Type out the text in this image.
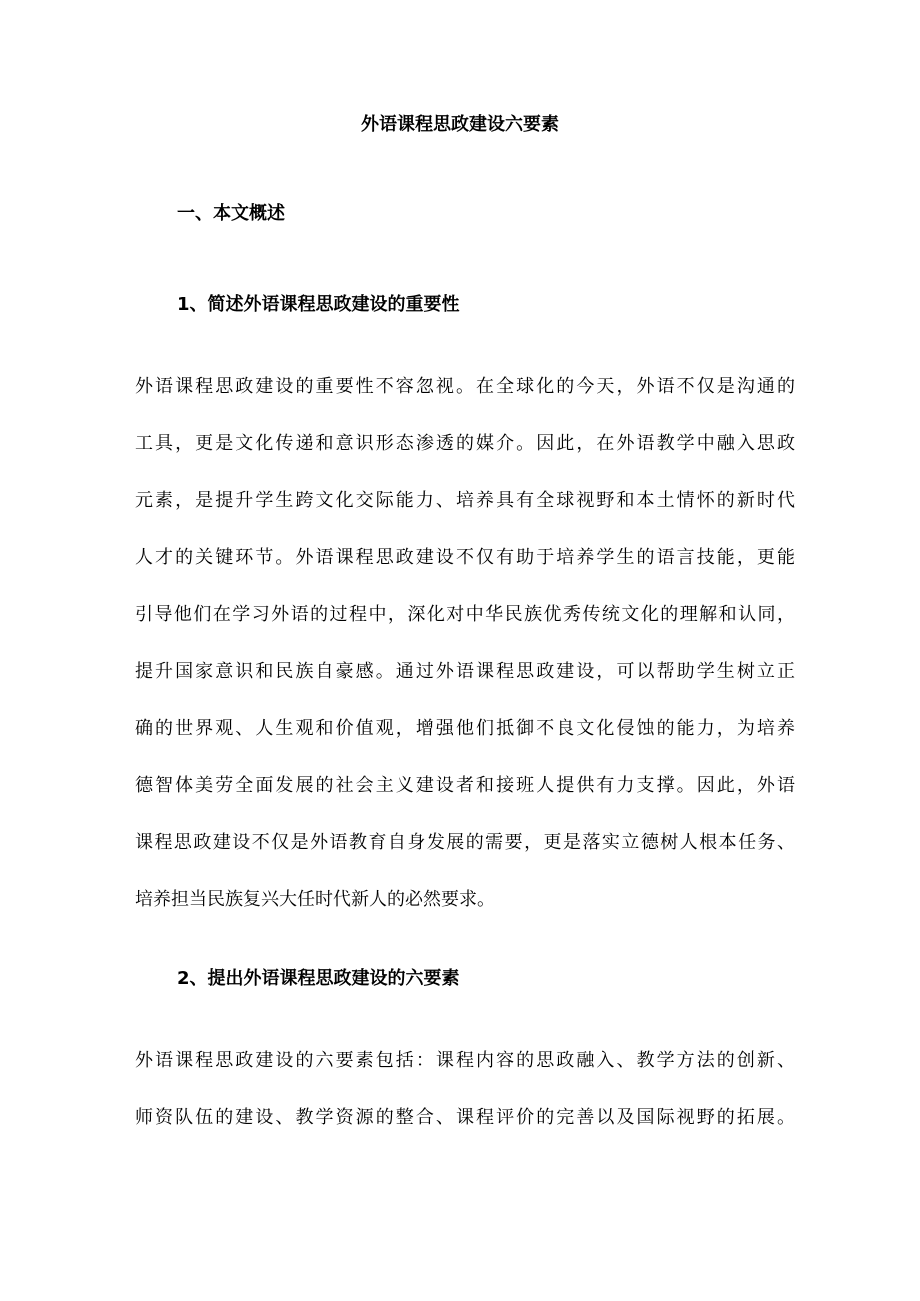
外语课程思政建设六要素
一、本文概述
1、简述外语课程思政建设的重要性
外语课程思政建设的重要性不容忽视。在全球化的今天，外语不仅是沟通的
工具，更是文化传递和意识形态渗透的媒介。因此，在外语教学中融入思政
元素，是提升学生跨文化交际能力、培养具有全球视野和本土情怀的新时代
人才的关键环节。外语课程思政建设不仅有助于培养学生的语言技能，更能
引导他们在学习外语的过程中，深化对中华民族优秀传统文化的理解和认同，
提升国家意识和民族自豪感。通过外语课程思政建设，可以帮助学生树立正
确的世界观、人生观和价值观，增强他们抵御不良文化侵蚀的能力，为培养
德智体美劳全面发展的社会主义建设者和接班人提供有力支撑。因此，外语
课程思政建设不仅是外语教育自身发展的需要，更是落实立德树人根本任务、
培养担当民族复兴大任时代新人的必然要求。
2、提出外语课程思政建设的六要素
外语课程思政建设的六要素包括：课程内容的思政融入、教学方法的创新、
师资队伍的建设、教学资源的整合、课程评价的完善以及国际视野的拓展。
